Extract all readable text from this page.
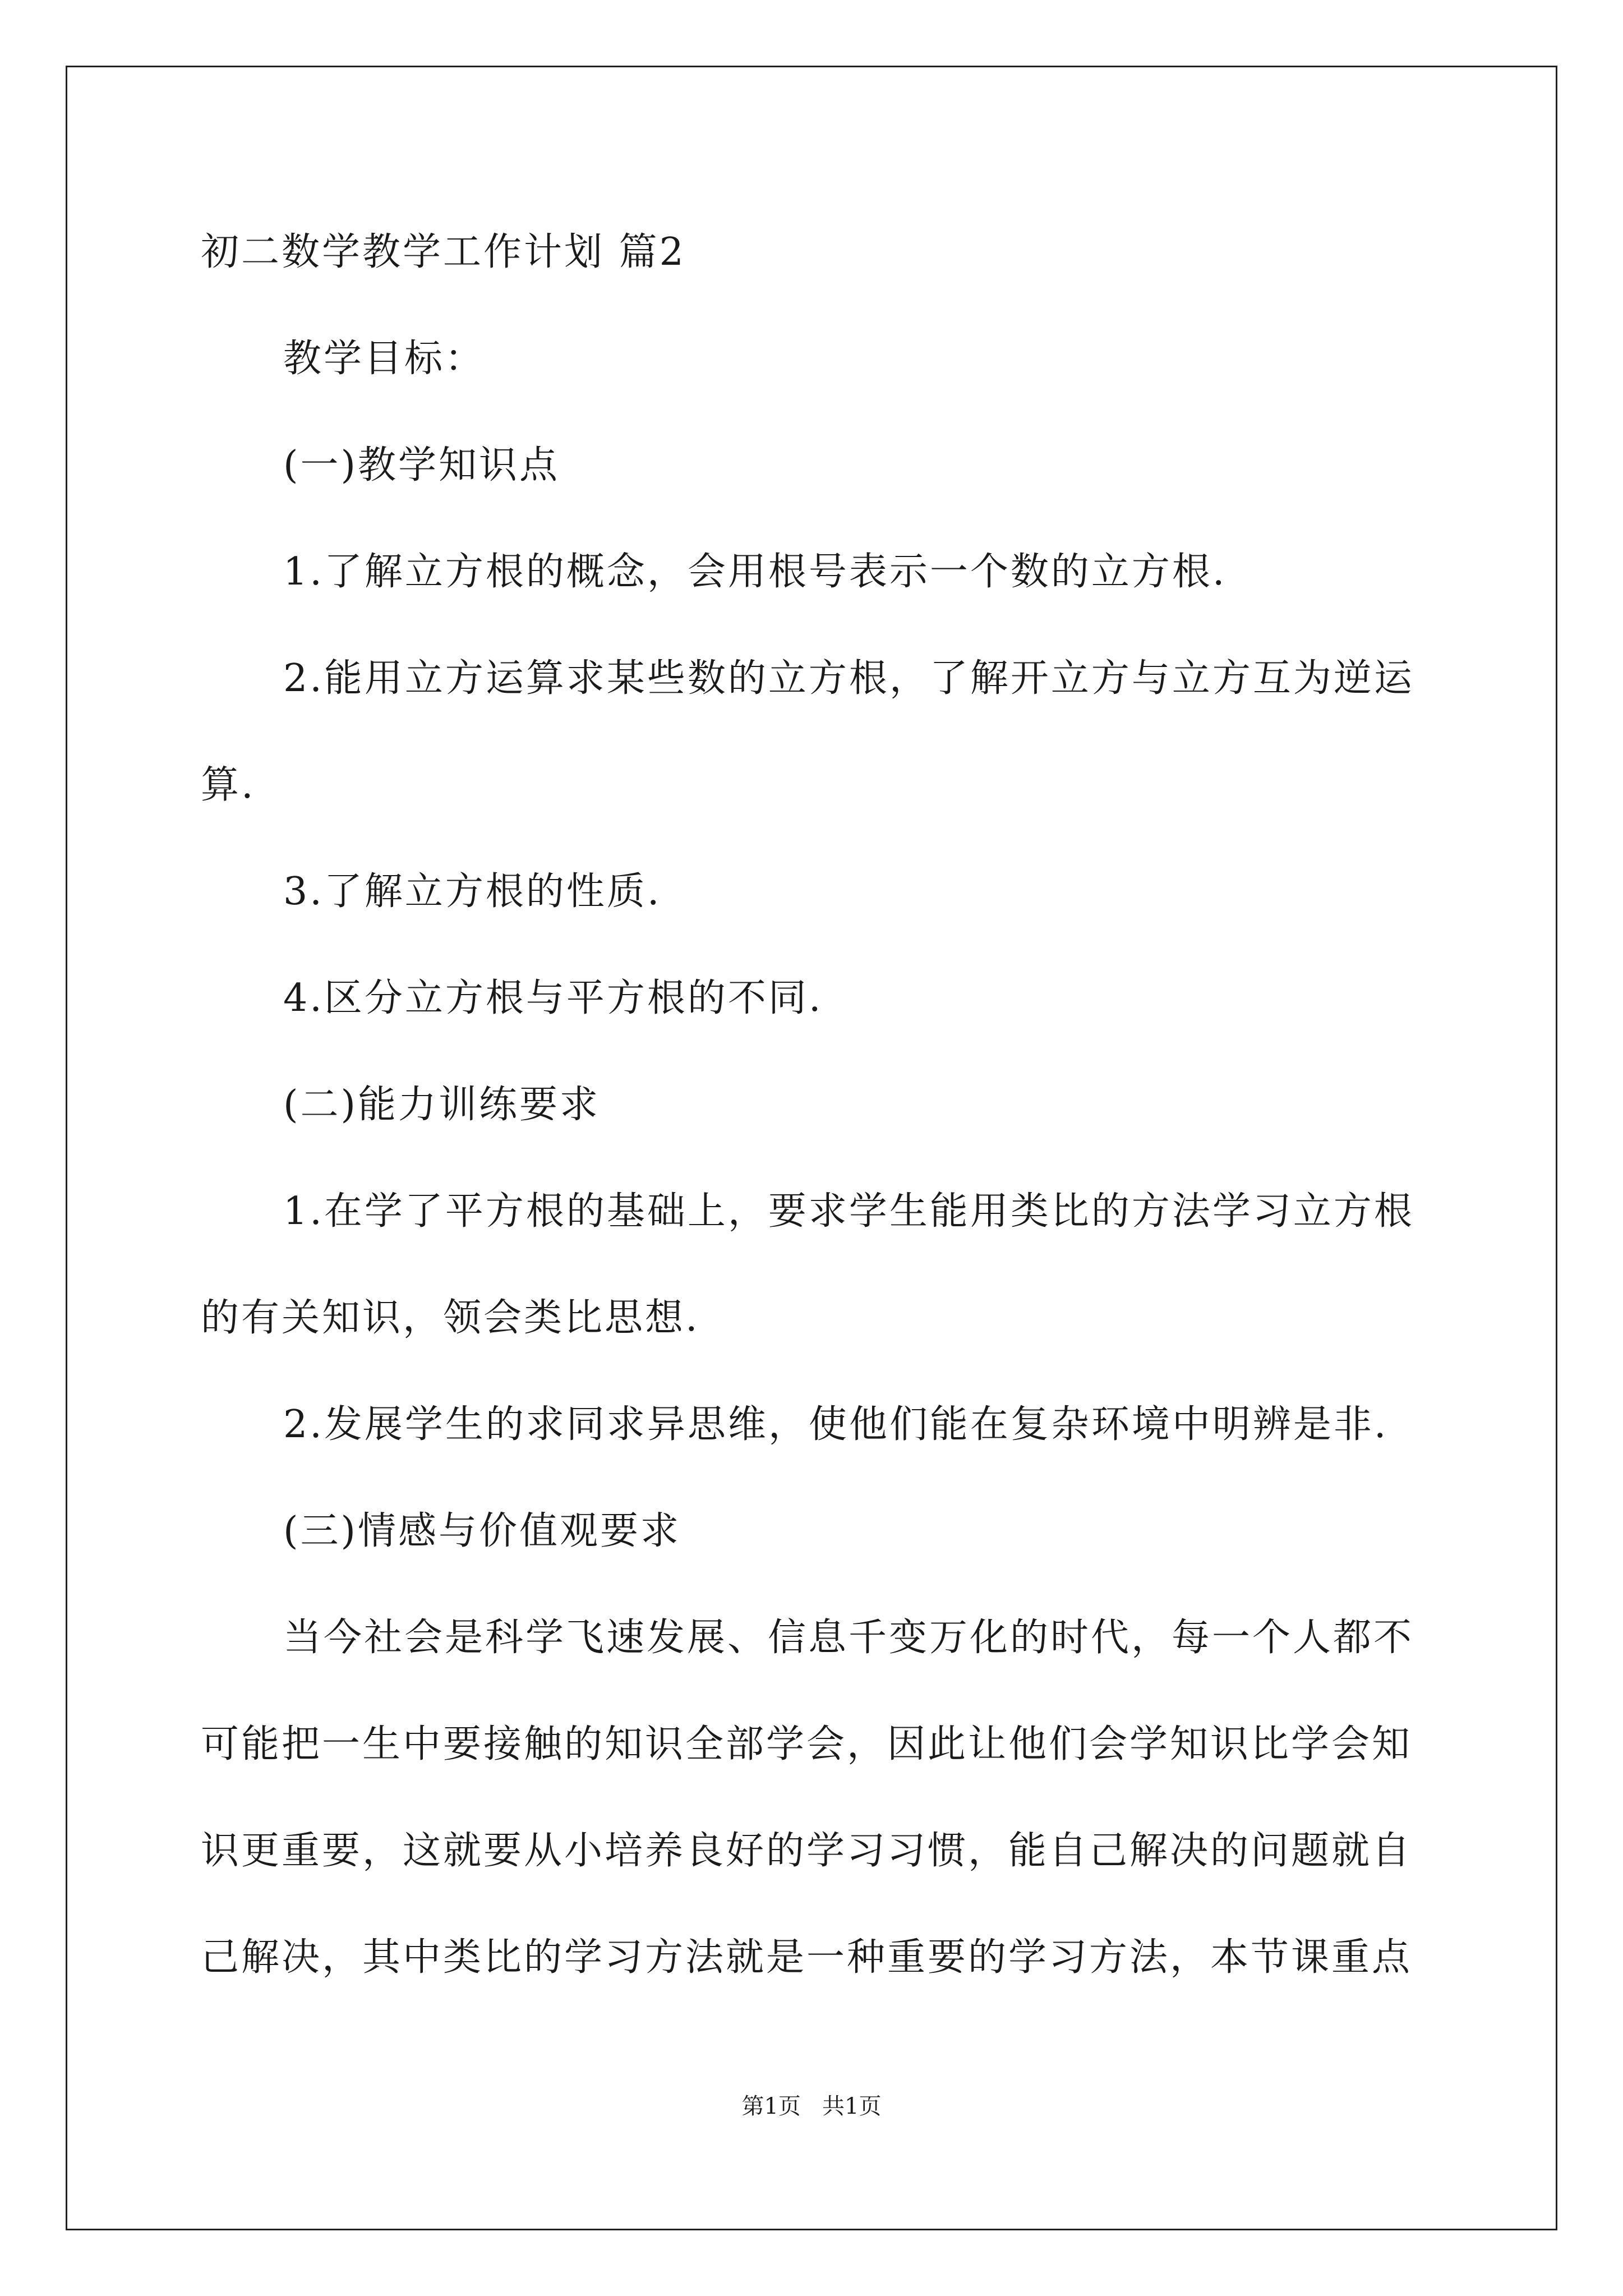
初二数学教学工作计划 篇2

教学目标：

(一)教学知识点

1.了解立方根的概念，会用根号表示一个数的立方根.

2.能用立方运算求某些数的立方根，了解开立方与立方互为逆运

算.

3.了解立方根的性质.

4.区分立方根与平方根的不同.

(二)能力训练要求

1.在学了平方根的基础上，要求学生能用类比的方法学习立方根

的有关知识，领会类比思想.

2.发展学生的求同求异思维，使他们能在复杂环境中明辨是非.

(三)情感与价值观要求

当今社会是科学飞速发展、信息千变万化的时代，每一个人都不

可能把一生中要接触的知识全部学会，因此让他们会学知识比学会知

识更重要，这就要从小培养良好的学习习惯，能自己解决的问题就自

己解决，其中类比的学习方法就是一种重要的学习方法，本节课重点

第1页   共1页
